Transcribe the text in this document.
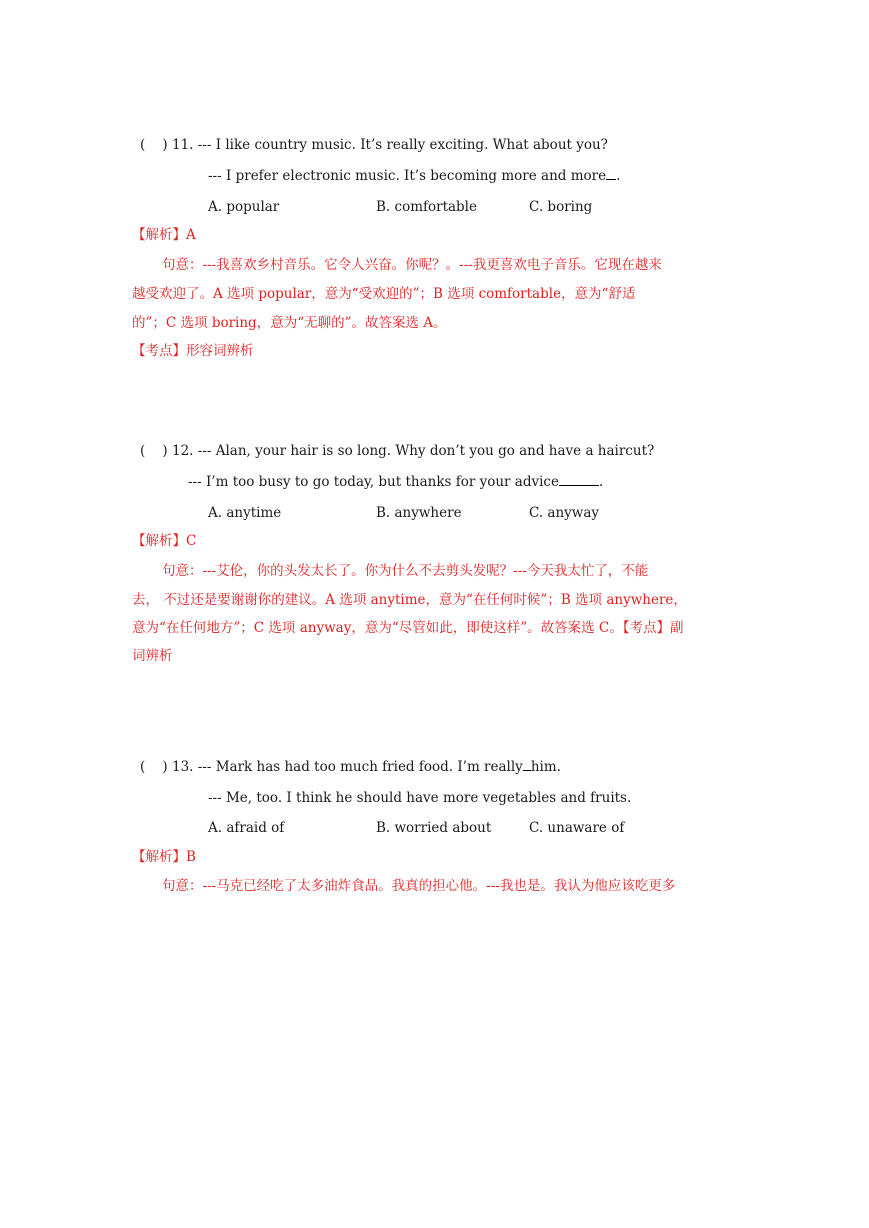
(    ) 11. --- I like country music. It’s really exciting. What about you?
--- I prefer electronic music. It’s becoming more and more .
A. popular	B. comfortable	C. boring
【解析】A
句意：---我喜欢乡村音乐。它令人兴奋。你呢？。---我更喜欢电子音乐。它现在越来
越受欢迎了。A 选项 popular，意为“受欢迎的”；B 选项 comfortable，意为“舒适
的”；C 选项 boring，意为“无聊的”。故答案选 A。
【考点】形容词辨析
(    ) 12. --- Alan, your hair is so long. Why don’t you go and have a haircut?
--- I’m too busy to go today, but thanks for your advice	.
A. anytime	B. anywhere	C. anyway
【解析】C
句意：---艾伦，你的头发太长了。你为什么不去剪头发呢？---今天我太忙了，不能
去， 不过还是要谢谢你的建议。A 选项 anytime，意为“在任何时候”；B 选项 anywhere，
意为“在任何地方”；C 选项 anyway，意为“尽管如此，即使这样”。故答案选 C。【考点】副
词辨析
(    ) 13. --- Mark has had too much fried food. I’m really him.
--- Me, too. I think he should have more vegetables and fruits.
A. afraid of	B. worried about	C. unaware of
【解析】B
句意：---马克已经吃了太多油炸食品。我真的担心他。---我也是。我认为他应该吃更多
